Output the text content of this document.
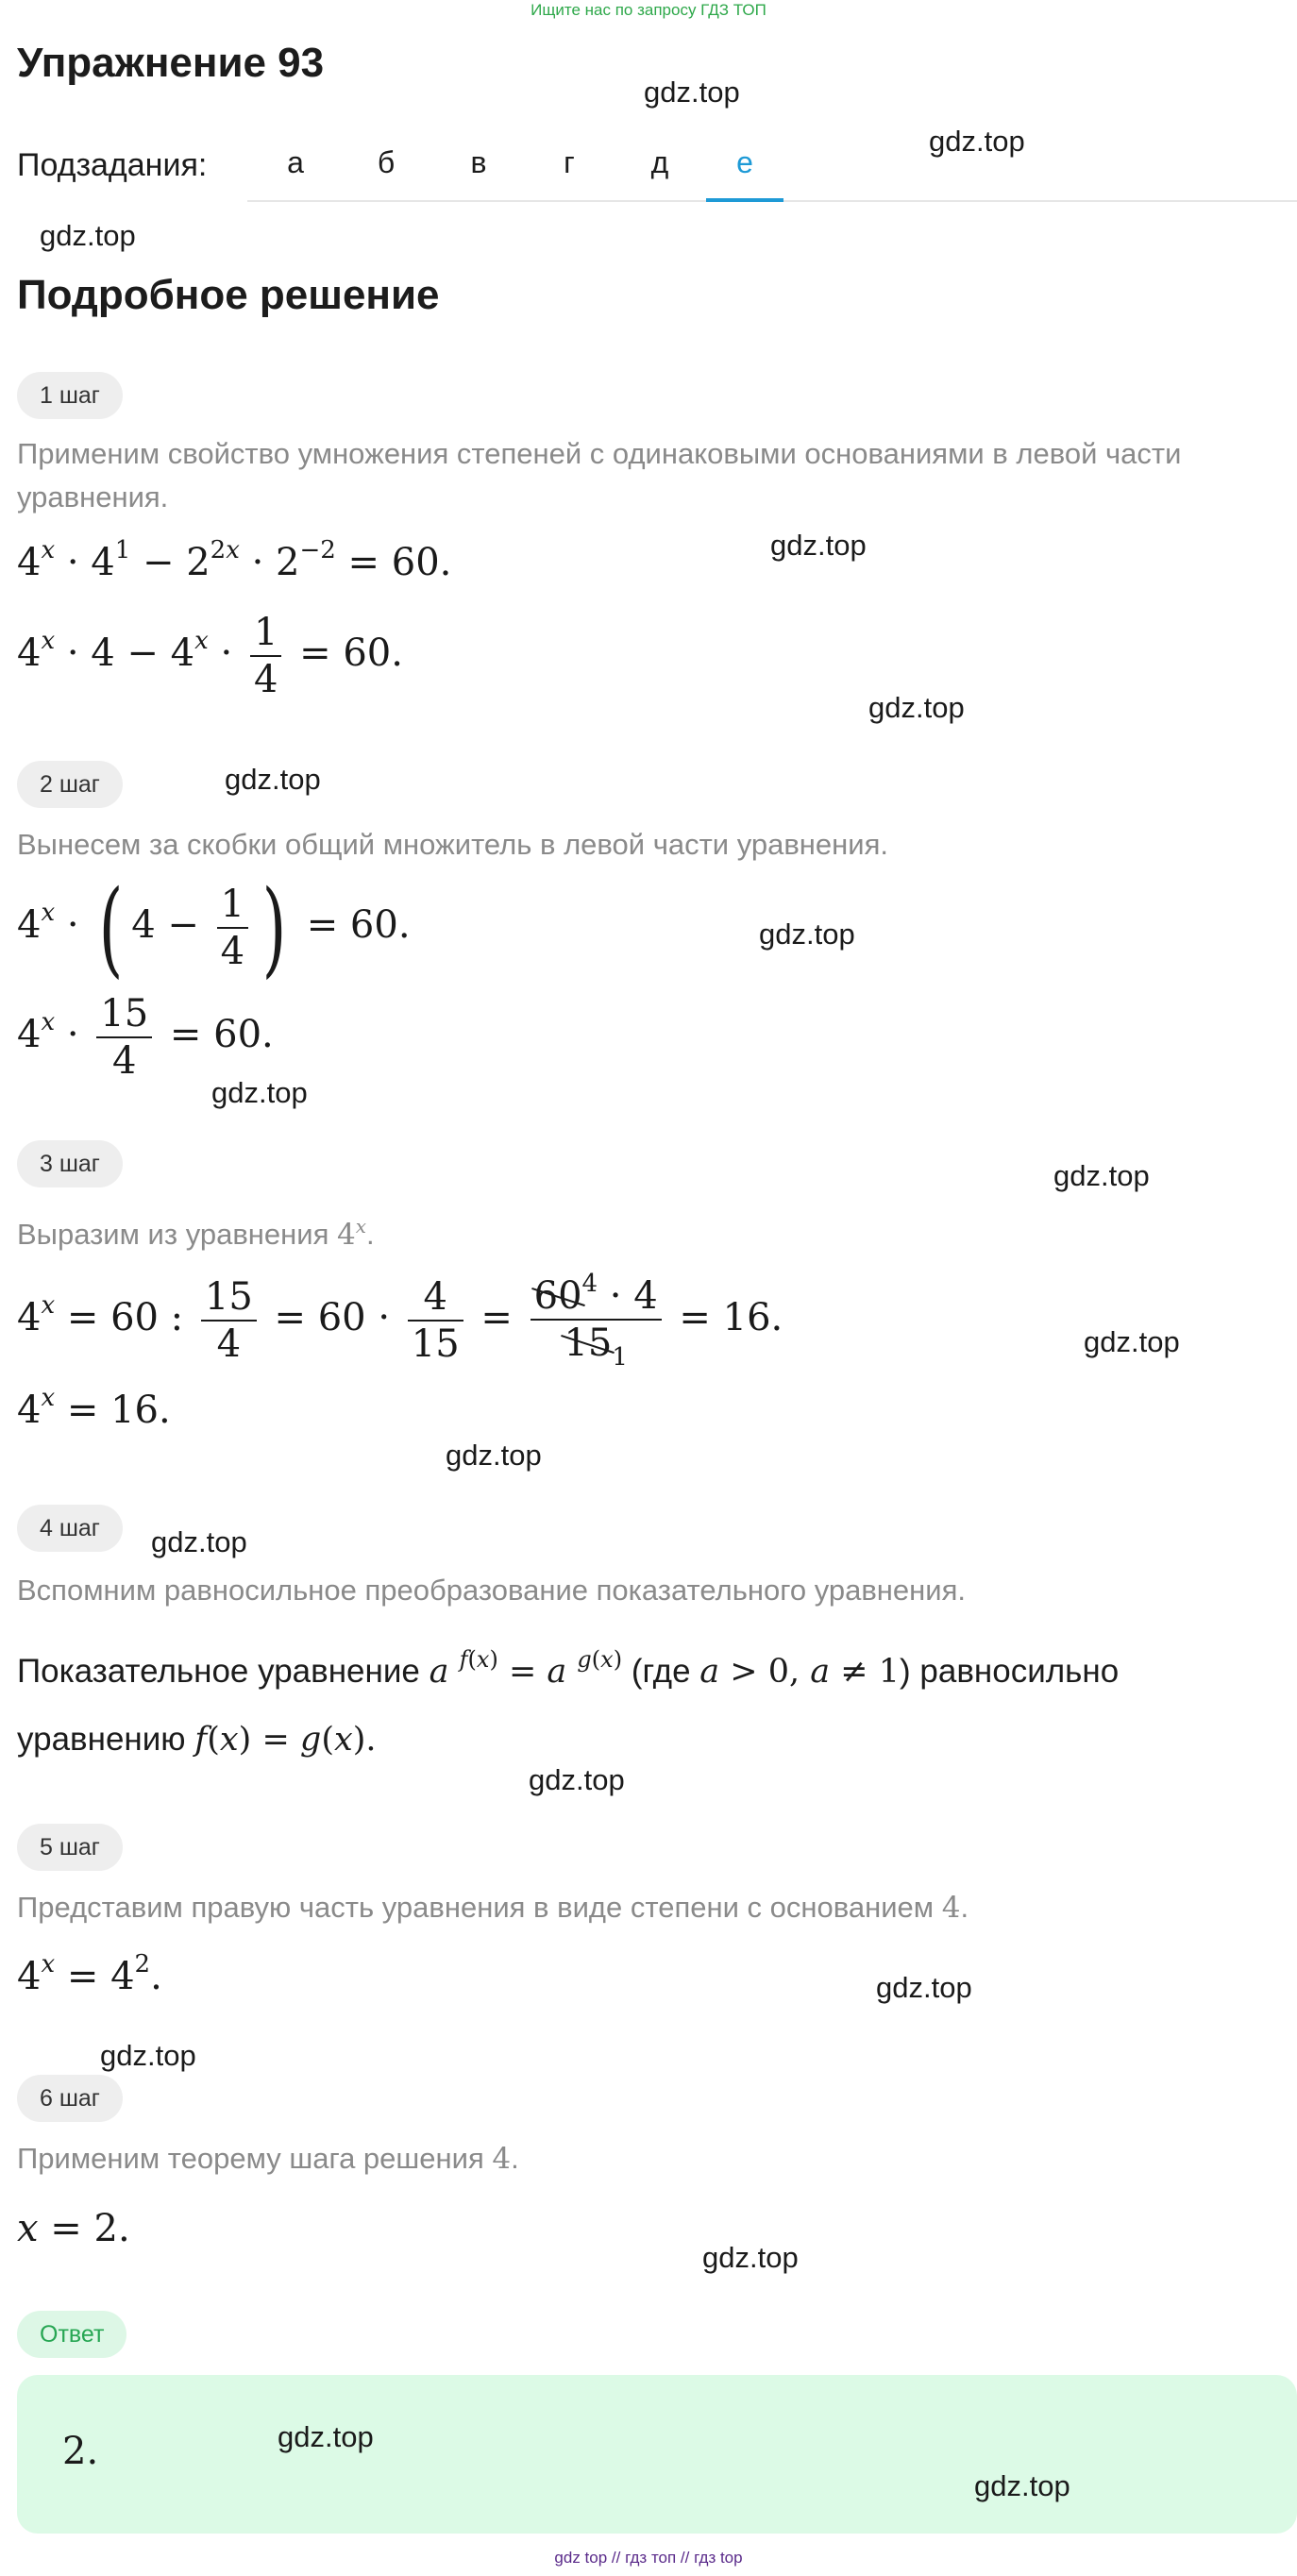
Ищите нас по запросу ГДЗ ТОП
Упражнение 93
Подзадания:	а	б	в	г	д	е
Подробное решение
1 шаг
Применим свойство умножения степеней с одинаковыми основаниями в левой части уравнения.
$4^x \cdot 4^1 - 2^{2x} \cdot 2^{-2} = 60$.
$4^x \cdot 4 - 4^x \cdot \frac{1}{4} = 60$.
2 шаг
Вынесем за скобки общий множитель в левой части уравнения.
$4^x$ · ( $4 - \frac{1}{4}$ ) = 60.
$4^x \cdot \frac{15}{4} = 60$.
3 шаг
Выразим из уравнения 4$^x$.
$4^x = 60$ : $\frac{15}{4} = 60 \cdot \frac{4}{15} = \frac{60^4 \cdot 4}{15_1} = 16$.
$4^x = 16$.
4 шаг
Вспомним равносильное преобразование показательного уравнения.
Показательное уравнение a $^{f(x)}$ = a $^{g(x)}$ (где a > 0, a ≠ 1) равносильно
уравнению f(x) = g(x).
5 шаг
Представим правую часть уравнения в виде степени с основанием 4.
$4^x = 4^2$.
6 шаг
Применим теорему шага решения 4.
x = 2.
Ответ
2.
gdz.top
gdz.top
gdz.top
gdz.top
gdz.top
gdz.top
gdz.top
gdz.top
gdz.top
gdz.top
gdz.top
gdz.top
gdz.top
gdz.top
gdz.top
gdz.top
gdz.top
gdz.top
gdz top // гдз топ // гдз top
